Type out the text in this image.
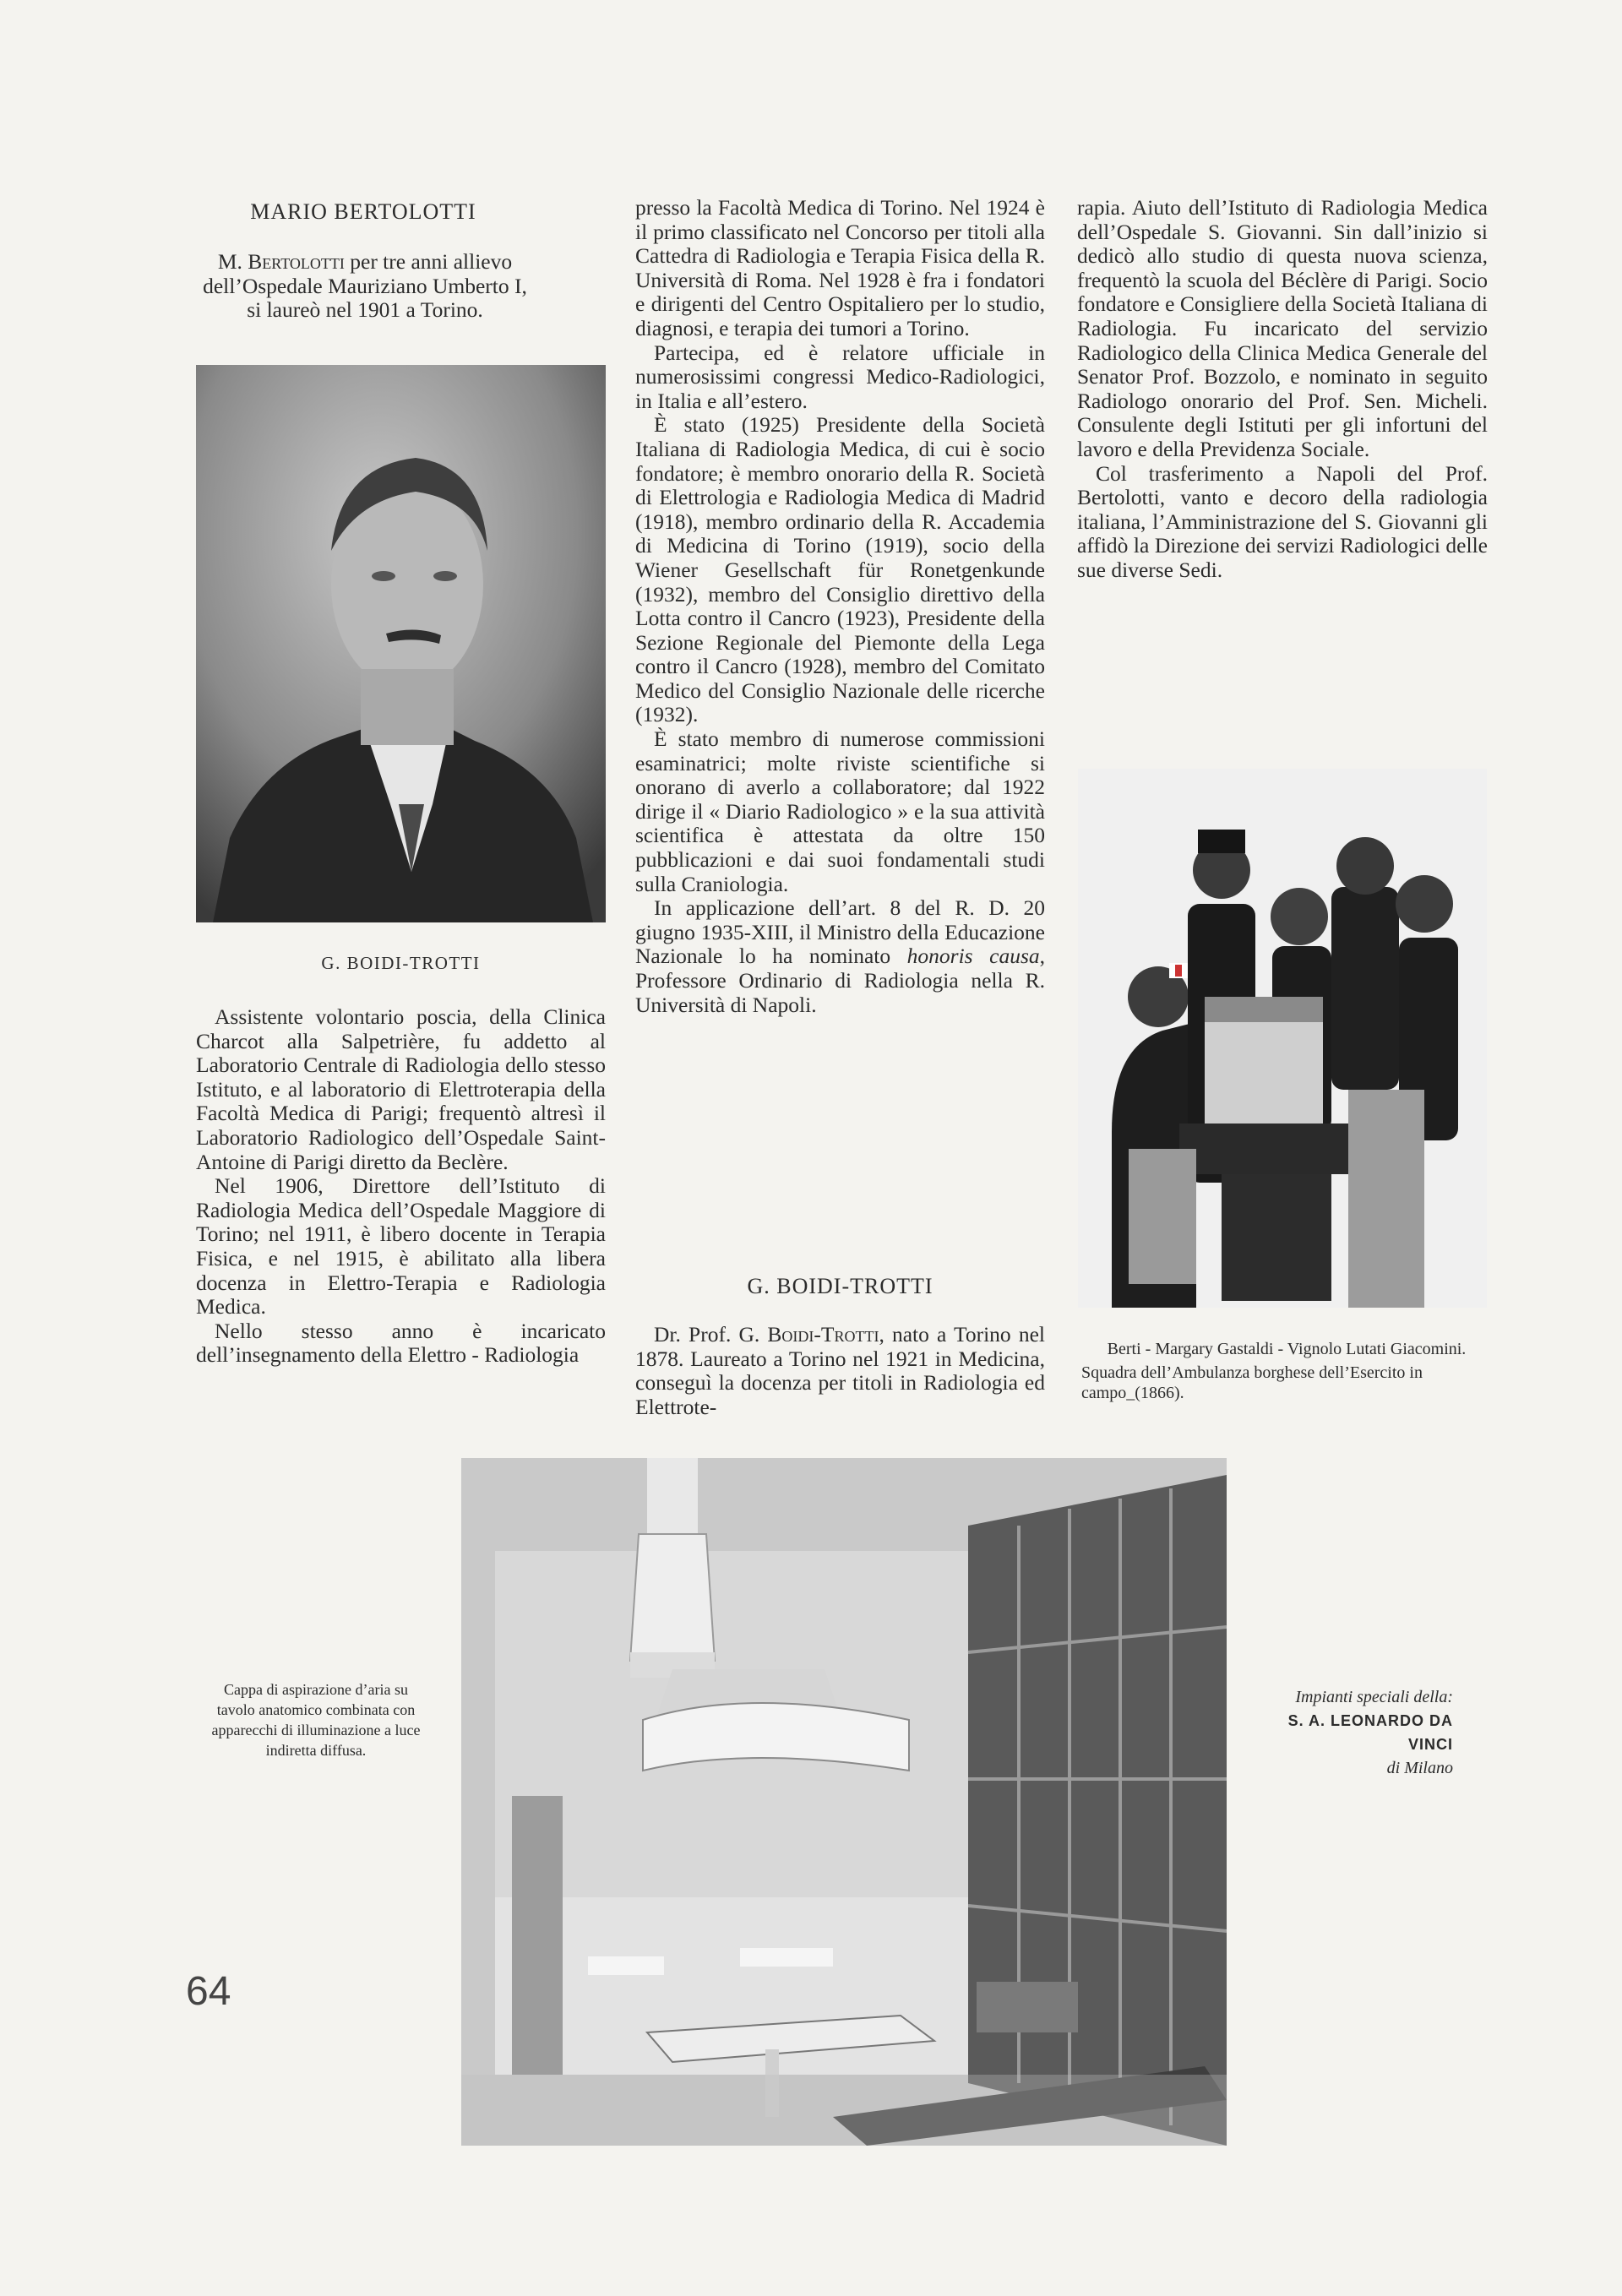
MARIO BERTOLOTTI
M. Bertolotti per tre anni allievo dell’Ospedale Mauriziano Umberto I, si laureò nel 1901 a Torino.
G. BOIDI-TROTTI

Assistente volontario poscia, della Clinica Charcot alla Salpetrière, fu addetto al Laboratorio Centrale di Radiologia dello stesso Istituto, e al laboratorio di Elettroterapia della Facoltà Medica di Parigi; frequentò altresì il Laboratorio Radiologico dell’Ospedale Saint-Antoine di Parigi diretto da Beclère.

Nel 1906, Direttore dell’Istituto di Radiologia Medica dell’Ospedale Maggiore di Torino; nel 1911, è libero docente in Terapia Fisica, e nel 1915, è abilitato alla libera docenza in Elettro-Terapia e Radiologia Medica.

Nello stesso anno è incaricato dell’insegnamento della Elettro - Radiologia

presso la Facoltà Medica di Torino. Nel 1924 è il primo classificato nel Concorso per titoli alla Cattedra di Radiologia e Terapia Fisica della R. Università di Roma. Nel 1928 è fra i fondatori e dirigenti del Centro Ospitaliero per lo studio, diagnosi, e terapia dei tumori a Torino.

Partecipa, ed è relatore ufficiale in numerosissimi congressi Medico-Radiologici, in Italia e all’estero.

È stato (1925) Presidente della Società Italiana di Radiologia Medica, di cui è socio fondatore; è membro onorario della R. Società di Elettrologia e Radiologia Medica di Madrid (1918), membro ordinario della R. Accademia di Medicina di Torino (1919), socio della Wiener Gesellschaft für Ronetgenkunde (1932), membro del Consiglio direttivo della Lotta contro il Cancro (1923), Presidente della Sezione Regionale del Piemonte della Lega contro il Cancro (1928), membro del Comitato Medico del Consiglio Nazionale delle ricerche (1932).

È stato membro di numerose commissioni esaminatrici; molte riviste scientifiche si onorano di averlo a collaboratore; dal 1922 dirige il « Diario Radiologico » e la sua attività scientifica è attestata da oltre 150 pubblicazioni e dai suoi fondamentali studi sulla Craniologia.

In applicazione dell’art. 8 del R. D. 20 giugno 1935-XIII, il Ministro della Educazione Nazionale lo ha nominato honoris causa, Professore Ordinario di Radiologia nella R. Università di Napoli.

G. BOIDI-TROTTI

Dr. Prof. G. Boidi-Trotti, nato a Torino nel 1878. Laureato a Torino nel 1921 in Medicina, conseguì la docenza per titoli in Radiologia ed Elettrote-

rapia. Aiuto dell’Istituto di Radiologia Medica dell’Ospedale S. Giovanni. Sin dall’inizio si dedicò allo studio di questa nuova scienza, frequentò la scuola del Béclère di Parigi. Socio fondatore e Consigliere della Società Italiana di Radiologia. Fu incaricato del servizio Radiologico della Clinica Medica Generale del Senator Prof. Bozzolo, e nominato in seguito Radiologo onorario del Prof. Sen. Micheli. Consulente degli Istituti per gli infortuni del lavoro e della Previdenza Sociale.

Col trasferimento a Napoli del Prof. Bertolotti, vanto e decoro della radiologia italiana, l’Amministrazione del S. Giovanni gli affidò la Direzione dei servizi Radiologici delle sue diverse Sedi.

Berti - Margary Gastaldi - Vignolo Lutati Giacomini.
Squadra dell’Ambulanza borghese dell’Esercito in campo_(1866).
Cappa di aspirazione d’aria su tavolo anatomico combinata con apparecchi di illuminazione a luce indiretta diffusa.
Impianti speciali della:
S. A. LEONARDO DA VINCI
di Milano
64
